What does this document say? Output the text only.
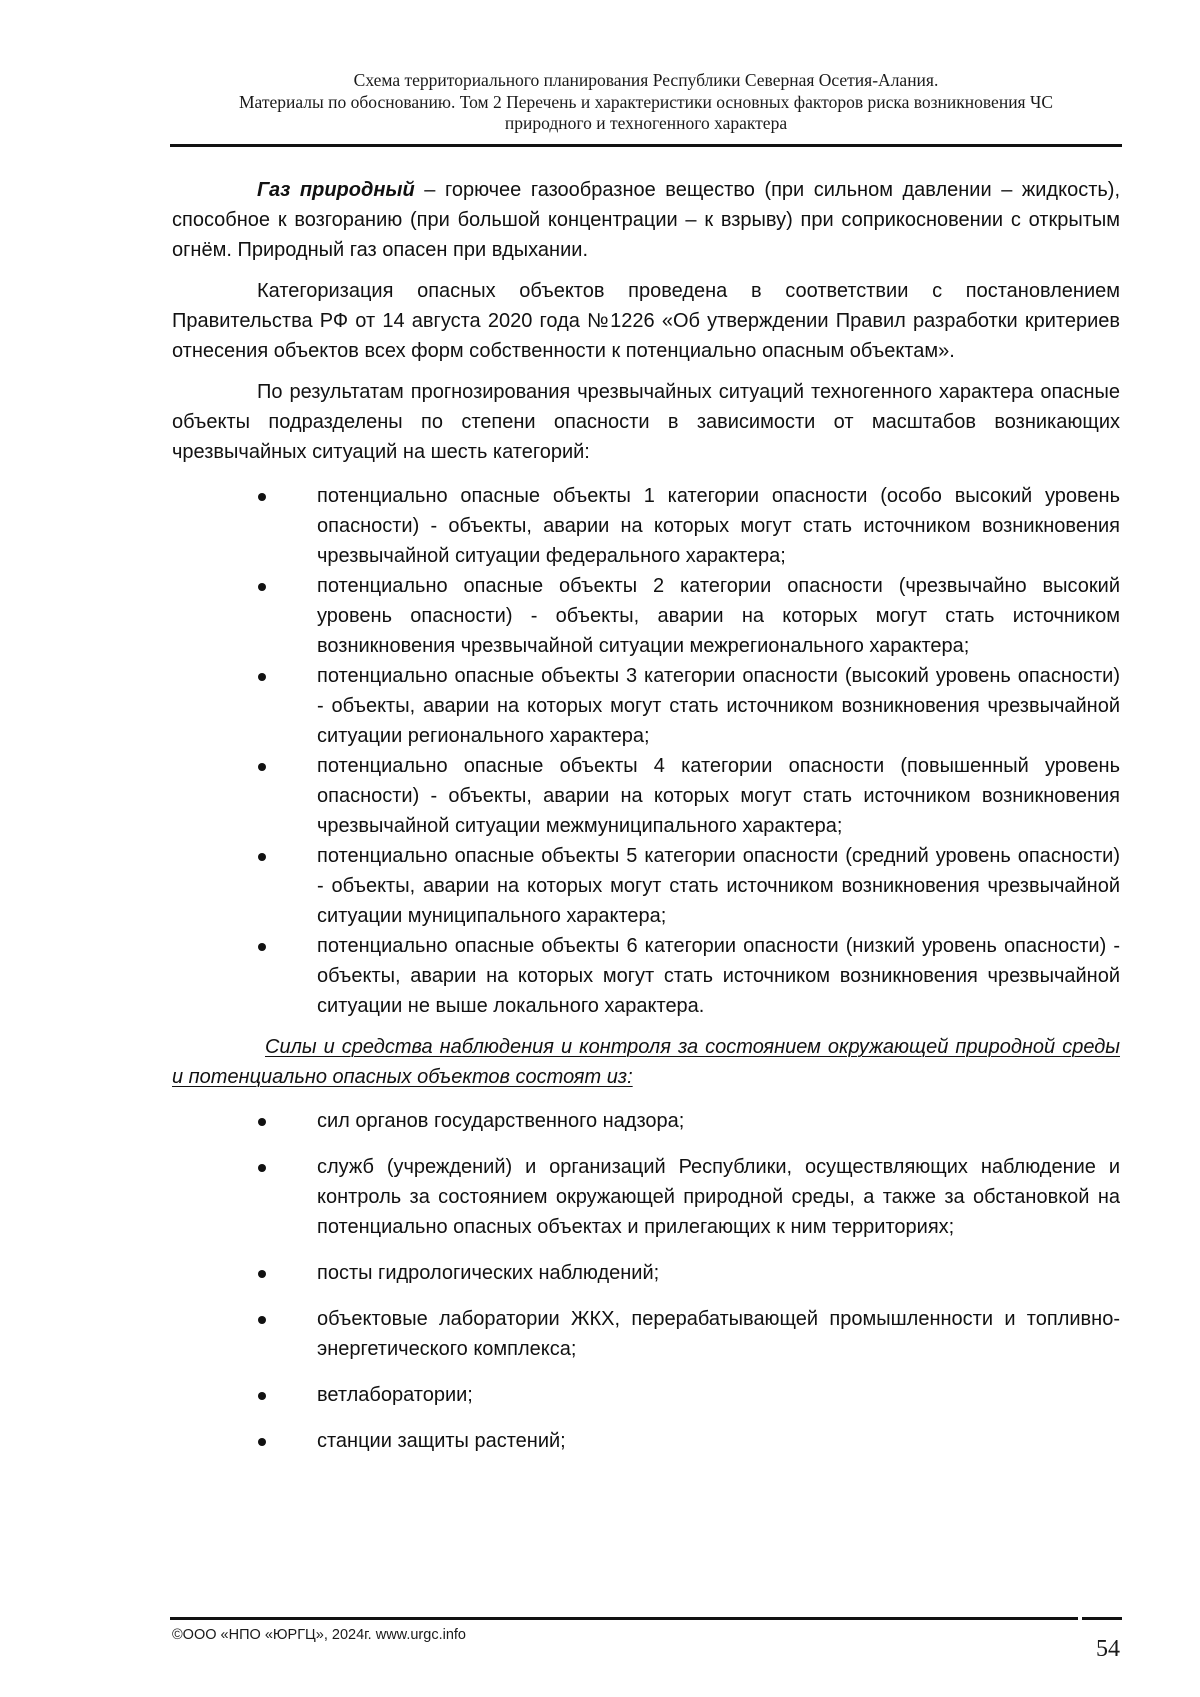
Схема территориального планирования Республики Северная Осетия-Алания.
Материалы по обоснованию. Том 2 Перечень и характеристики основных факторов риска возникновения ЧС
природного и техногенного характера

Газ природный – горючее газообразное вещество (при сильном давлении – жидкость), способное к возгоранию (при большой концентрации – к взрыву) при соприкосновении с открытым огнём. Природный газ опасен при вдыхании.

Категоризация опасных объектов проведена в соответствии с постановлением Правительства РФ от 14 августа 2020 года №1226 «Об утверждении Правил разработки критериев отнесения объектов всех форм собственности к потенциально опасным объектам».

По результатам прогнозирования чрезвычайных ситуаций техногенного характера опасные объекты подразделены по степени опасности в зависимости от масштабов возникающих чрезвычайных ситуаций на шесть категорий:

потенциально опасные объекты 1 категории опасности (особо высокий уровень опасности) - объекты, аварии на которых могут стать источником возникновения чрезвычайной ситуации федерального характера;
потенциально опасные объекты 2 категории опасности (чрезвычайно высокий уровень опасности) - объекты, аварии на которых могут стать источником возникновения чрезвычайной ситуации межрегионального характера;
потенциально опасные объекты 3 категории опасности (высокий уровень опасности) - объекты, аварии на которых могут стать источником возникновения чрезвычайной ситуации регионального характера;
потенциально опасные объекты 4 категории опасности (повышенный уровень опасности) - объекты, аварии на которых могут стать источником возникновения чрезвычайной ситуации межмуниципального характера;
потенциально опасные объекты 5 категории опасности (средний уровень опасности) - объекты, аварии на которых могут стать источником возникновения чрезвычайной ситуации муниципального характера;
потенциально опасные объекты 6 категории опасности (низкий уровень опасности) - объекты, аварии на которых могут стать источником возникновения чрезвычайной ситуации не выше локального характера.

Силы и средства наблюдения и контроля за состоянием окружающей природной среды и потенциально опасных объектов состоят из:

сил органов государственного надзора;
служб (учреждений) и организаций Республики, осуществляющих наблюдение и контроль за состоянием окружающей природной среды, а также за обстановкой на потенциально опасных объектах и прилегающих к ним территориях;
посты гидрологических наблюдений;
объектовые лаборатории ЖКХ, перерабатывающей промышленности и топливно-энергетического комплекса;
ветлаборатории;
станции защиты растений;
©ООО «НПО «ЮРГЦ», 2024г. www.urgc.info
54
